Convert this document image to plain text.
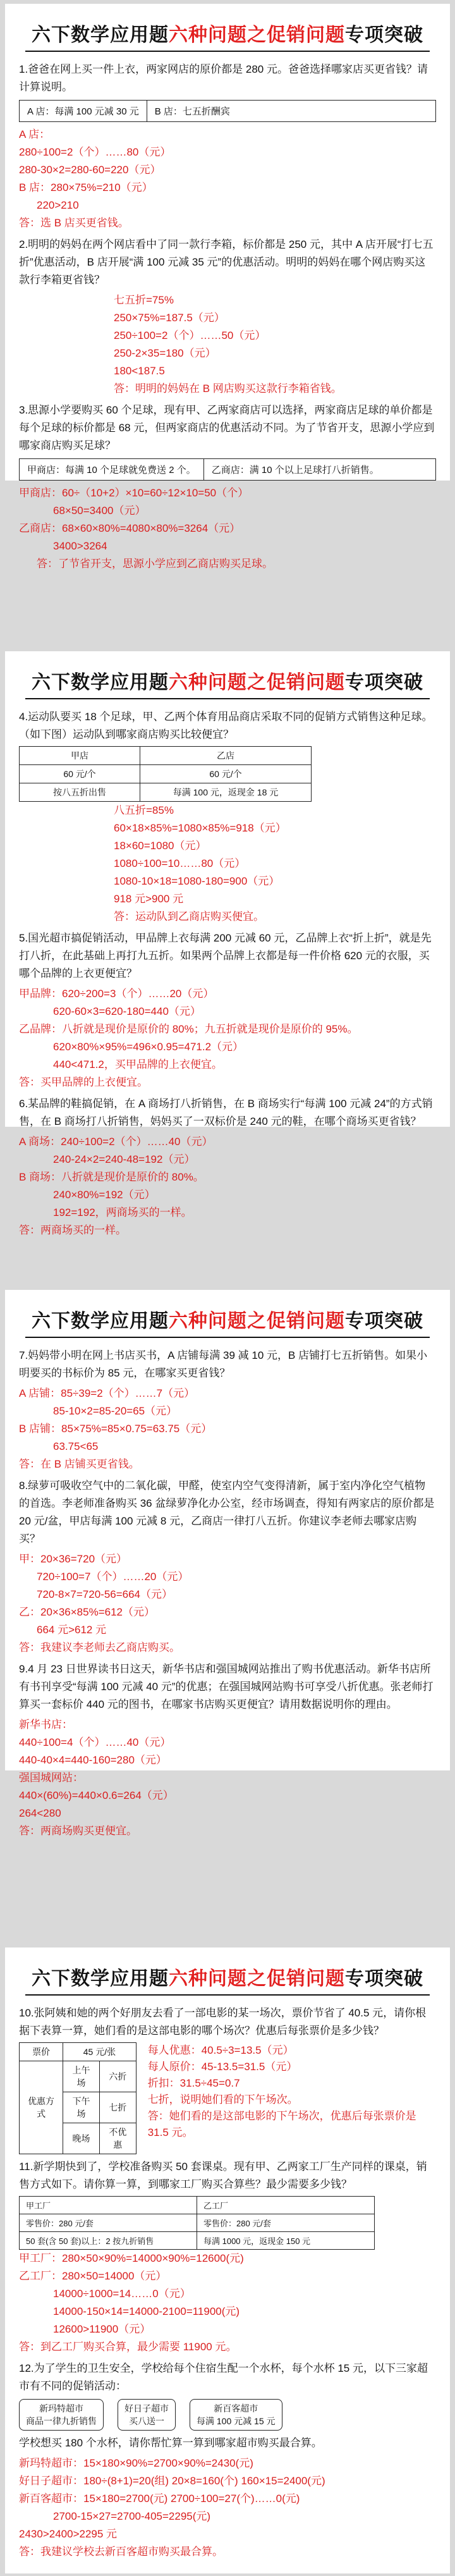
六下数学应用题六种问题之促销问题专项突破
1.爸爸在网上买一件上衣，两家网店的原价都是 280 元。爸爸选择哪家店买更省钱？请计算说明。
A 店：每满 100 元减 30 元	B 店：七五折酬宾
A 店：
280÷100=2（个）……80（元）
280-30×2=280-60=220（元）
B 店：280×75%=210（元）
220>210
答：选 B 店买更省钱。
2.明明的妈妈在两个网店看中了同一款行李箱，标价都是 250 元，其中 A 店开展“打七五折”优惠活动，B 店开展“满 100 元减 35 元”的优惠活动。明明的妈妈在哪个网店购买这款行李箱更省钱？
七五折=75%
250×75%=187.5（元）
250÷100=2（个）……50（元）
250-2×35=180（元）
180<187.5
答：明明的妈妈在 B 网店购买这款行李箱省钱。
3.思源小学要购买 60 个足球，现有甲、乙两家商店可以选择，两家商店足球的单价都是每个足球的标价都是 68 元，但两家商店的优惠活动不同。为了节省开支，思源小学应到哪家商店购买足球？
甲商店：每满 10 个足球就免费送 2 个。	乙商店：满 10 个以上足球打八折销售。
甲商店：60÷（10+2）×10=60÷12×10=50（个）
68×50=3400（元）
乙商店：68×60×80%=4080×80%=3264（元）
3400>3264
答：了节省开支，思源小学应到乙商店购买足球。
六下数学应用题六种问题之促销问题专项突破
4.运动队要买 18 个足球，甲、乙两个体育用品商店采取不同的促销方式销售这种足球。（如下图）运动队到哪家商店购买比较便宜？
甲店	乙店
60 元/个	60 元/个
按八五折出售	每满 100 元，返现金 18 元
八五折=85%
60×18×85%=1080×85%=918（元）
18×60=1080（元）
1080÷100=10……80（元）
1080-10×18=1080-180=900（元）
918 元>900 元
答：运动队到乙商店购买便宜。
5.国光超市搞促销活动，甲品牌上衣每满 200 元减 60 元，乙品牌上衣“折上折”，就是先打八折，在此基础上再打九五折。如果两个品牌上衣都是每一件价格 620 元的衣服，买哪个品牌的上衣更便宜？
甲品牌：620÷200=3（个）……20（元）
620-60×3=620-180=440（元）
乙品牌：八折就是现价是原价的 80%；九五折就是现价是原价的 95%。
620×80%×95%=496×0.95=471.2（元）
440<471.2，买甲品牌的上衣便宜。
答：买甲品牌的上衣便宜。
6.某品牌的鞋搞促销，在 A 商场打八折销售，在 B 商场实行“每满 100 元减 24”的方式销售，在 B 商场打八折销售，妈妈买了一双标价是 240 元的鞋，在哪个商场买更省钱？
A 商场：240÷100=2（个）……40（元）
240-24×2=240-48=192（元）
B 商场：八折就是现价是原价的 80%。
240×80%=192（元）
192=192，两商场买的一样。
答：两商场买的一样。
六下数学应用题六种问题之促销问题专项突破
7.妈妈带小明在网上书店买书，A 店铺每满 39 减 10 元，B 店铺打七五折销售。如果小明要买的书标价为 85 元，在哪家买更省钱？
A 店铺：85÷39=2（个）……7（元）
85-10×2=85-20=65（元）
B 店铺：85×75%=85×0.75=63.75（元）
63.75<65
答：在 B 店铺买更省钱。
8.绿萝可吸收空气中的二氧化碳，甲醛，使室内空气变得清新，属于室内净化空气植物的首选。李老师准备购买 36 盆绿萝净化办公室，经市场调查，得知有两家店的原价都是 20 元/盆，甲店每满 100 元减 8 元，乙商店一律打八五折。你建议李老师去哪家店购买？
甲：20×36=720（元）
720÷100=7（个）……20（元）
720-8×7=720-56=664（元）
乙：20×36×85%=612（元）
664 元>612 元
答：我建议李老师去乙商店购买。
9.4 月 23 日世界读书日这天，新华书店和强国城网站推出了购书优惠活动。新华书店所有书刊享受“每满 100 元减 40 元”的优惠；在强国城网站购书可享受八折优惠。张老师打算买一套标价 440 元的图书，在哪家书店购买更便宜？请用数据说明你的理由。
新华书店：
440÷100=4（个）……40（元）
440-40×4=440-160=280（元）
强国城网站：
440×(60%)=440×0.6=264（元）
264<280
答：两商场购买更便宜。
六下数学应用题六种问题之促销问题专项突破
10.张阿姨和她的两个好朋友去看了一部电影的某一场次，票价节省了 40.5 元，请你根据下表算一算，她们看的是这部电影的哪个场次？优惠后每张票价是多少钱？
票价	45 元/张	
优惠方式	上午场	六折
	下午场	七折
	晚场	不优惠
每人优惠：40.5÷3=13.5（元）
每人原价：45-13.5=31.5（元）
折扣：31.5÷45=0.7
七折，说明她们看的下午场次。
答：她们看的是这部电影的下午场次，优惠后每张票价是 31.5 元。
11.新学期快到了，学校准备购买 50 套课桌。现有甲、乙两家工厂生产同样的课桌，销售方式如下。请你算一算，到哪家工厂购买合算些？最少需要多少钱？
甲工厂	乙工厂
零售价：280 元/套	零售价：280 元/套
50 套(含 50 套)以上：2 按九折销售	每满 1000 元，返现金 150 元
甲工厂：280×50×90%=14000×90%=12600(元)
乙工厂：280×50=14000（元）
14000÷1000=14……0（元）
14000-150×14=14000-2100=11900(元)
12600>11900（元）
答：到乙工厂购买合算，最少需要 11900 元。
12.为了学生的卫生安全，学校给每个住宿生配一个水杯，每个水杯 15 元，以下三家超市有不同的促销活动：
新玛特超市
商品一律九折销售
好日子超市
买八送一
新百客超市
每满 100 元减 15 元
学校想买 180 个水杯，请你帮忙算一算到哪家超市购买最合算。
新玛特超市：15×180×90%=2700×90%=2430(元)
好日子超市：180÷(8+1)=20(组) 20×8=160(个) 160×15=2400(元)
新百客超市：15×180=2700(元) 2700÷100=27(个)……0(元)
2700-15×27=2700-405=2295(元)
2430>2400>2295 元
答：我建议学校去新百客超市购买最合算。
